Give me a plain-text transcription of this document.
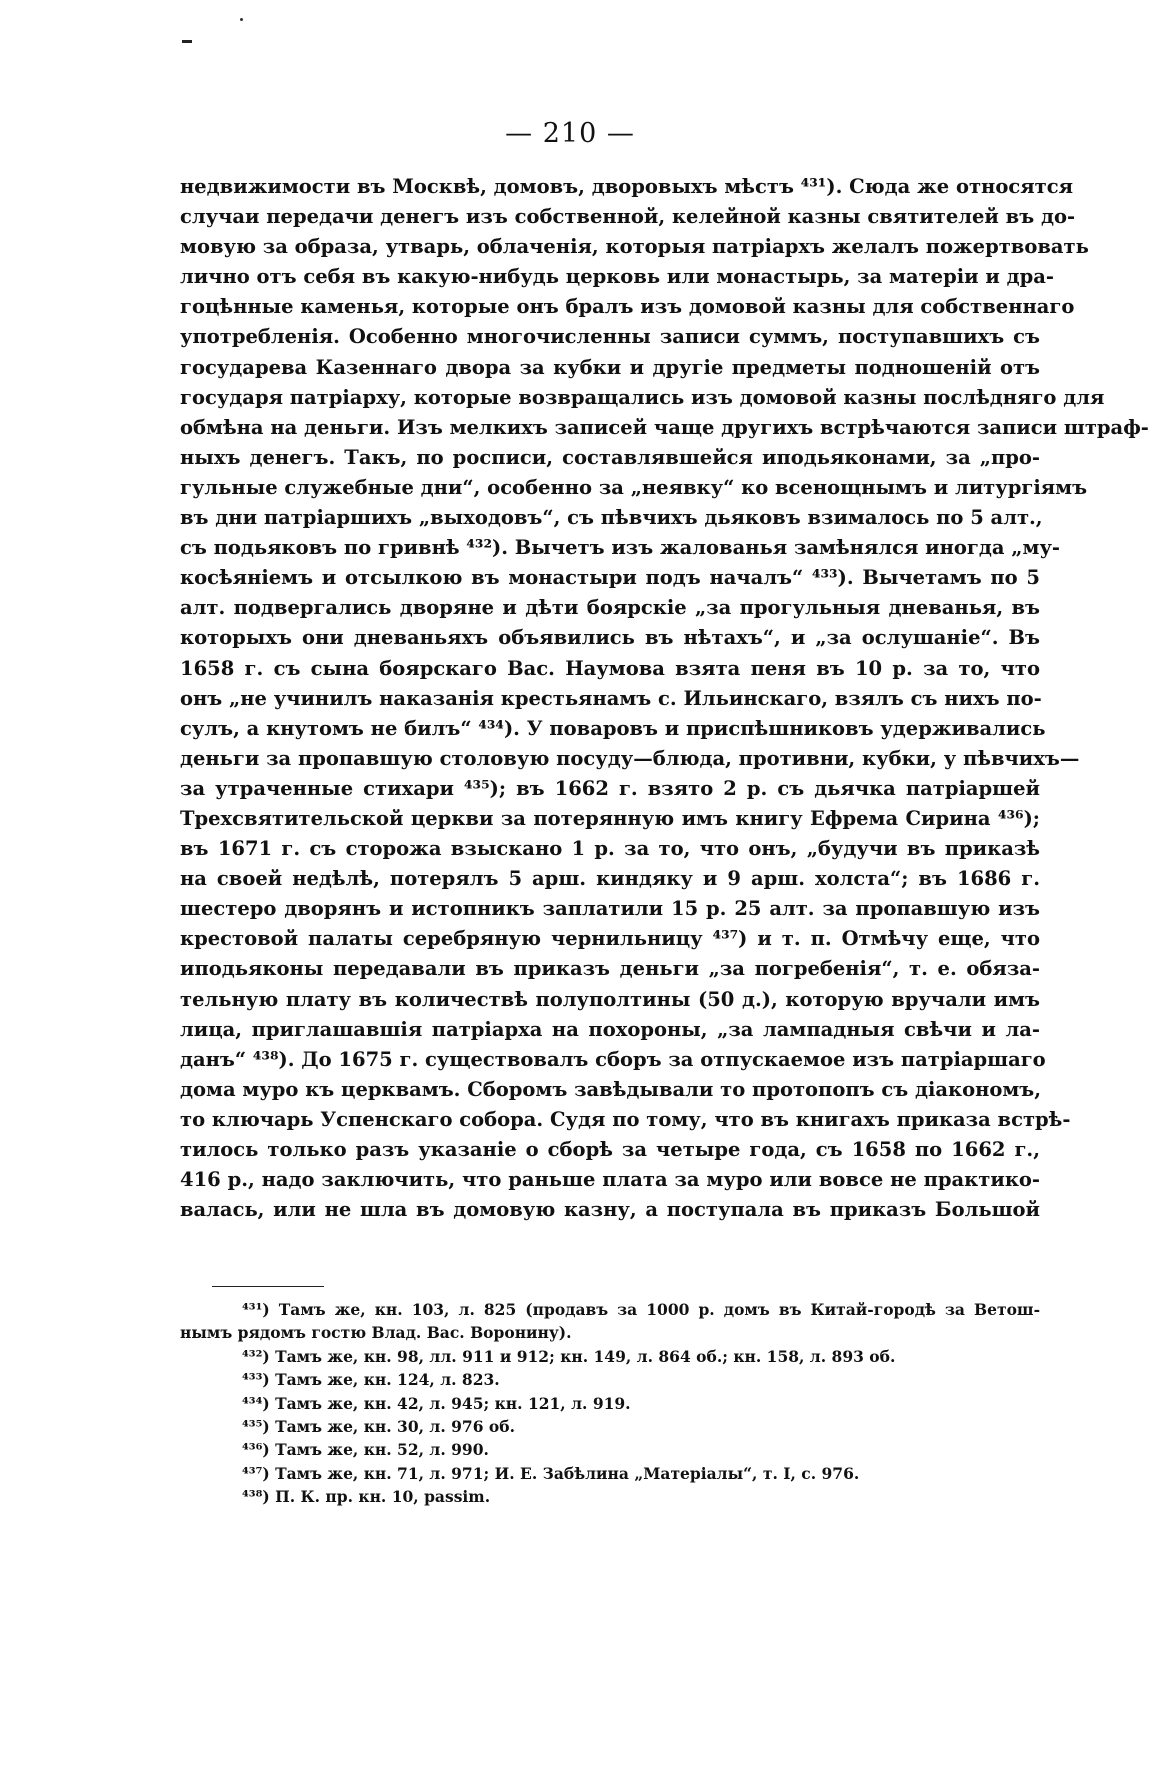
— 210 —
недвижимости въ Москвѣ, домовъ, дворовыхъ мѣстъ ⁴³¹). Сюда же относятся
случаи передачи денегъ изъ собственной, келейной казны святителей въ до-
мовую за образа, утварь, облаченія, которыя патріархъ желалъ пожертвовать
лично отъ себя въ какую-нибудь церковь или монастырь, за матеріи и дра-
гоцѣнные каменья, которые онъ бралъ изъ домовой казны для собственнаго
употребленія. Особенно многочисленны записи суммъ, поступавшихъ съ
государева Казеннаго двора за кубки и другіе предметы подношеній отъ
государя патріарху, которые возвращались изъ домовой казны послѣдняго для
обмѣна на деньги. Изъ мелкихъ записей чаще другихъ встрѣчаются записи штраф-
ныхъ денегъ. Такъ, по росписи, составлявшейся иподьяконами, за „про-
гульные служебные дни“, особенно за „неявку“ ко всенощнымъ и литургіямъ
въ дни патріаршихъ „выходовъ“, съ пѣвчихъ дьяковъ взималось по 5 алт.,
съ подьяковъ по гривнѣ ⁴³²). Вычетъ изъ жалованья замѣнялся иногда „му-
косѣяніемъ и отсылкою въ монастыри подъ началъ“ ⁴³³). Вычетамъ по 5
алт. подвергались дворяне и дѣти боярскіе „за прогульныя дневанья, въ
которыхъ они дневаньяхъ объявились въ нѣтахъ“, и „за ослушаніе“. Въ
1658 г. съ сына боярскаго Вас. Наумова взята пеня въ 10 р. за то, что
онъ „не учинилъ наказанія крестьянамъ с. Ильинскаго, взялъ съ нихъ по-
сулъ, а кнутомъ не билъ“ ⁴³⁴). У поваровъ и приспѣшниковъ удерживались
деньги за пропавшую столовую посуду—блюда, противни, кубки, у пѣвчихъ—
за утраченные стихари ⁴³⁵); въ 1662 г. взято 2 р. съ дьячка патріаршей
Трехсвятительской церкви за потерянную имъ книгу Ефрема Сирина ⁴³⁶);
въ 1671 г. съ сторожа взыскано 1 р. за то, что онъ, „будучи въ приказѣ
на своей недѣлѣ, потерялъ 5 арш. киндяку и 9 арш. холста“; въ 1686 г.
шестеро дворянъ и истопникъ заплатили 15 р. 25 алт. за пропавшую изъ
крестовой палаты серебряную чернильницу ⁴³⁷) и т. п. Отмѣчу еще, что
иподьяконы передавали въ приказъ деньги „за погребенія“, т. е. обяза-
тельную плату въ количествѣ полуполтины (50 д.), которую вручали имъ
лица, приглашавшія патріарха на похороны, „за лампадныя свѣчи и ла-
данъ“ ⁴³⁸). До 1675 г. существовалъ сборъ за отпускаемое изъ патріаршаго
дома муро къ церквамъ. Сборомъ завѣдывали то протопопъ съ діакономъ,
то ключарь Успенскаго собора. Судя по тому, что въ книгахъ приказа встрѣ-
тилось только разъ указаніе о сборѣ за четыре года, съ 1658 по 1662 г.,
416 р., надо заключить, что раньше плата за муро или вовсе не практико-
валась, или не шла въ домовую казну, а поступала въ приказъ Большой
⁴³¹) Тамъ же, кн. 103, л. 825 (продавъ за 1000 р. домъ въ Китай-городѣ за Ветош-
нымъ рядомъ гостю Влад. Вас. Воронину).
⁴³²) Тамъ же, кн. 98, лл. 911 и 912; кн. 149, л. 864 об.; кн. 158, л. 893 об.
⁴³³) Тамъ же, кн. 124, л. 823.
⁴³⁴) Тамъ же, кн. 42, л. 945; кн. 121, л. 919.
⁴³⁵) Тамъ же, кн. 30, л. 976 об.
⁴³⁶) Тамъ же, кн. 52, л. 990.
⁴³⁷) Тамъ же, кн. 71, л. 971; И. Е. Забѣлина „Матеріалы“, т. I, с. 976.
⁴³⁸) П. К. пр. кн. 10, passim.
